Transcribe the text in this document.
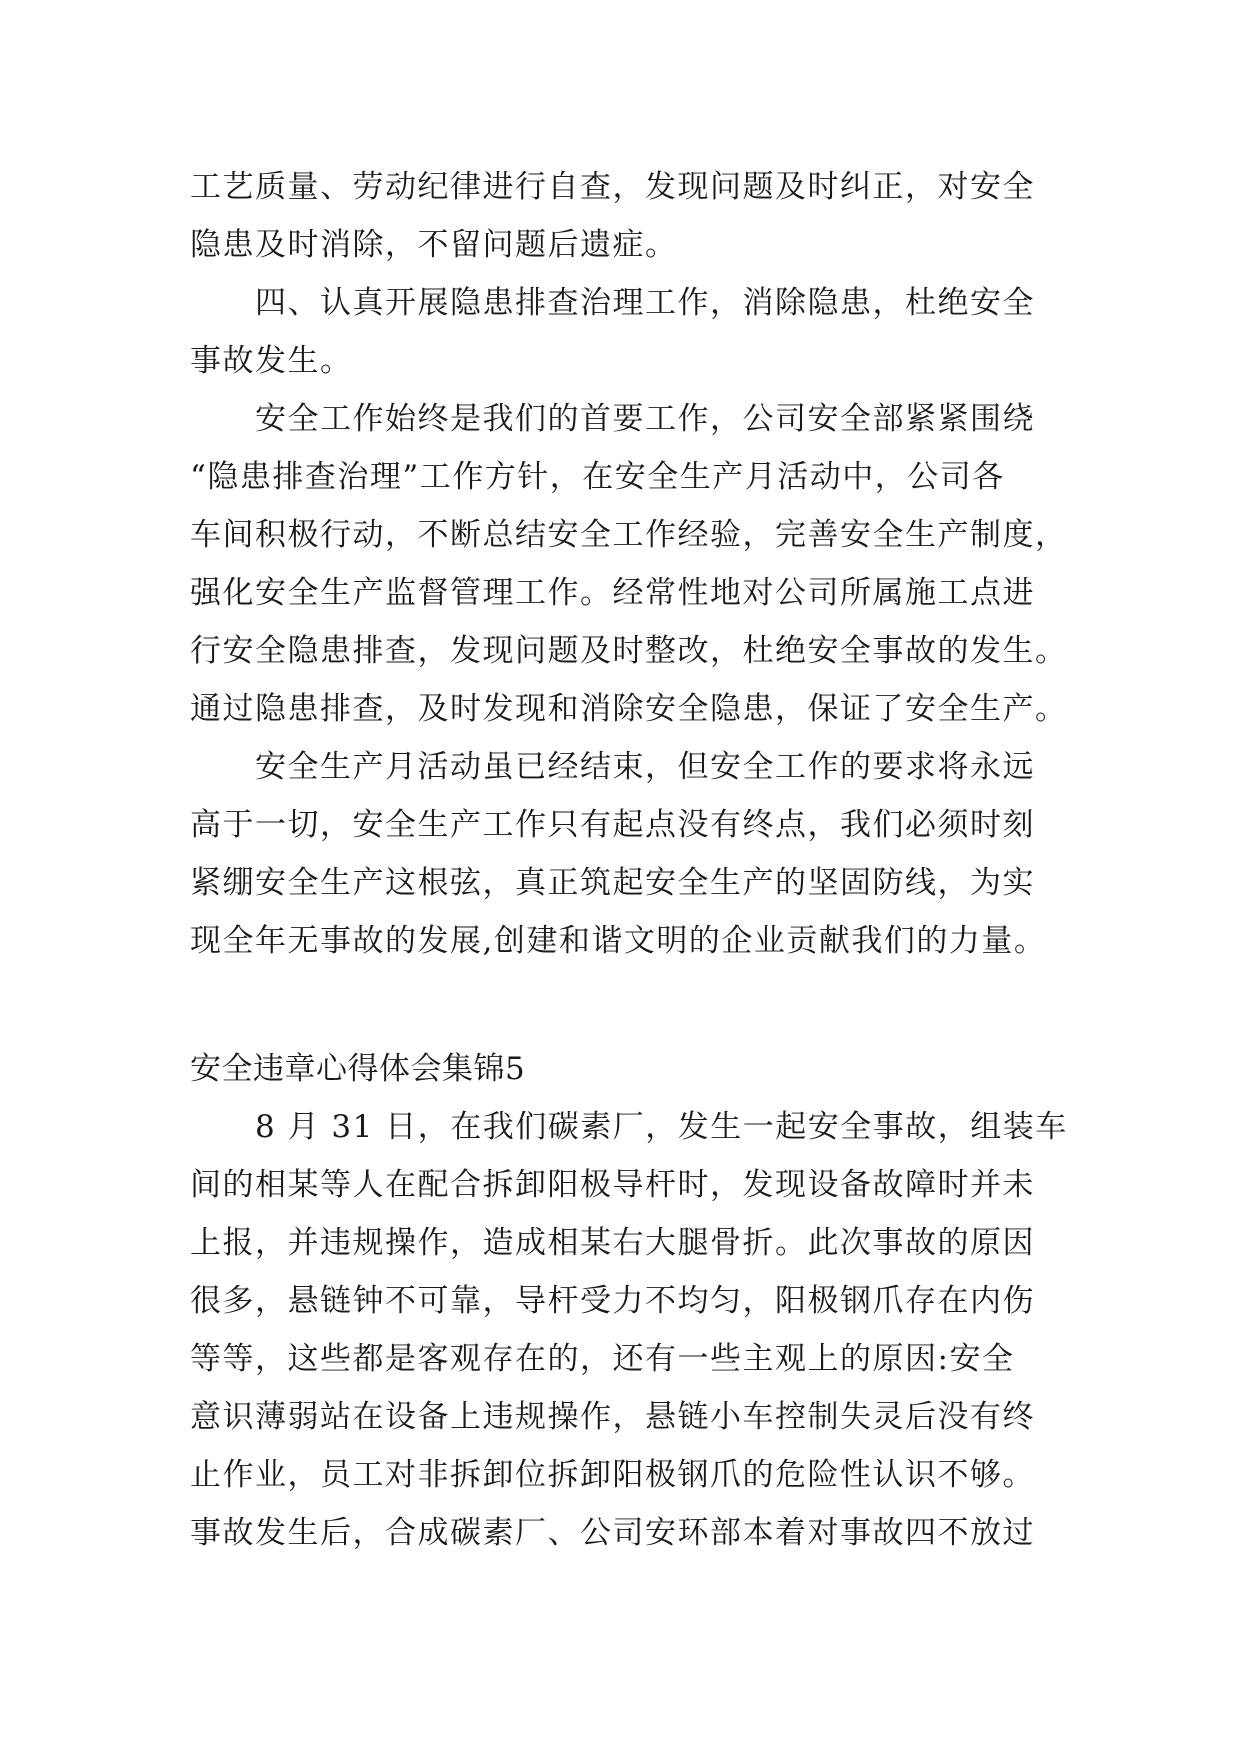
工艺质量、劳动纪律进行自查，发现问题及时纠正，对安全

隐患及时消除，不留问题后遗症。

　　四、认真开展隐患排查治理工作，消除隐患，杜绝安全

事故发生。

　　安全工作始终是我们的首要工作，公司安全部紧紧围绕

“隐患排查治理”工作方针，在安全生产月活动中，公司各

车间积极行动，不断总结安全工作经验，完善安全生产制度，

强化安全生产监督管理工作。经常性地对公司所属施工点进

行安全隐患排查，发现问题及时整改，杜绝安全事故的发生。

通过隐患排查，及时发现和消除安全隐患，保证了安全生产。

　　安全生产月活动虽已经结束，但安全工作的要求将永远

高于一切，安全生产工作只有起点没有终点，我们必须时刻

紧绷安全生产这根弦，真正筑起安全生产的坚固防线，为实

现全年无事故的发展,创建和谐文明的企业贡献我们的力量。

安全违章心得体会集锦5

　　8 月 31 日，在我们碳素厂，发生一起安全事故，组装车

间的相某等人在配合拆卸阳极导杆时，发现设备故障时并未

上报，并违规操作，造成相某右大腿骨折。此次事故的原因

很多，悬链钟不可靠，导杆受力不均匀，阳极钢爪存在内伤

等等，这些都是客观存在的，还有一些主观上的原因:安全

意识薄弱站在设备上违规操作，悬链小车控制失灵后没有终

止作业，员工对非拆卸位拆卸阳极钢爪的危险性认识不够。

事故发生后，合成碳素厂、公司安环部本着对事故四不放过
